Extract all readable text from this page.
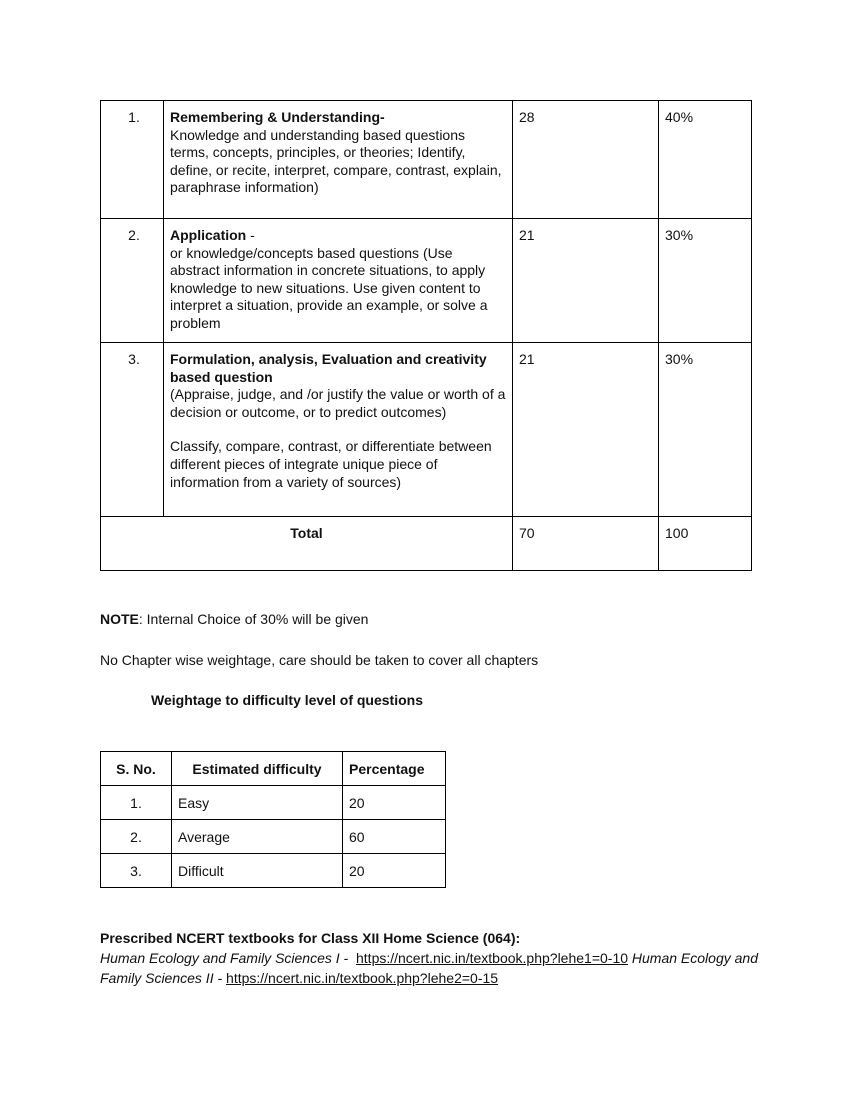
1.	Remembering & Understanding-
Knowledge and understanding based questions terms, concepts, principles, or theories; Identify, define, or recite, interpret, compare, contrast, explain, paraphrase information)	28	40%
2.	Application -
or knowledge/concepts based questions (Use abstract information in concrete situations, to apply knowledge to new situations. Use given content to interpret a situation, provide an example, or solve a problem	21	30%
3.	Formulation, analysis, Evaluation and creativity based question
(Appraise, judge, and /or justify the value or worth of a decision or outcome, or to predict outcomes)
Classify, compare, contrast, or differentiate between different pieces of integrate unique piece of information from a variety of sources)	21	30%
Total		70	100
NOTE: Internal Choice of 30% will be given
No Chapter wise weightage, care should be taken to cover all chapters
Weightage to difficulty level of questions
S. No.	Estimated difficulty	Percentage
1.	Easy	20
2.	Average	60
3.	Difficult	20
Prescribed NCERT textbooks for Class XII Home Science (064):
Human Ecology and Family Sciences I - https://ncert.nic.in/textbook.php?lehe1=0-10 Human Ecology and Family Sciences II - https://ncert.nic.in/textbook.php?lehe2=0-15
